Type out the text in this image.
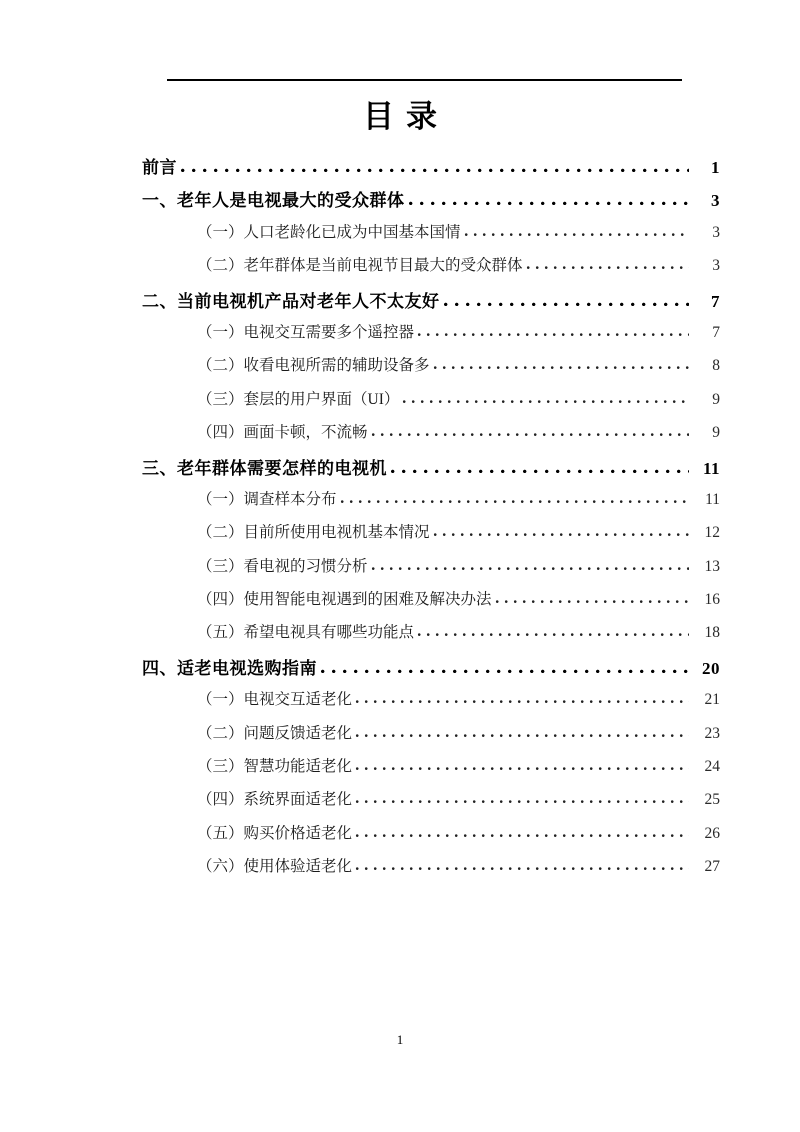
目录
前言	1
一、老年人是电视最大的受众群体	3
（一）人口老龄化已成为中国基本国情	3
（二）老年群体是当前电视节目最大的受众群体	3
二、当前电视机产品对老年人不太友好	7
（一）电视交互需要多个遥控器	7
（二）收看电视所需的辅助设备多	8
（三）套层的用户界面（UI）	9
（四）画面卡顿，不流畅	9
三、老年群体需要怎样的电视机	11
（一）调查样本分布	11
（二）目前所使用电视机基本情况	12
（三）看电视的习惯分析	13
（四）使用智能电视遇到的困难及解决办法	16
（五）希望电视具有哪些功能点	18
四、适老电视选购指南	20
（一）电视交互适老化	21
（二）问题反馈适老化	23
（三）智慧功能适老化	24
（四）系统界面适老化	25
（五）购买价格适老化	26
（六）使用体验适老化	27
1
